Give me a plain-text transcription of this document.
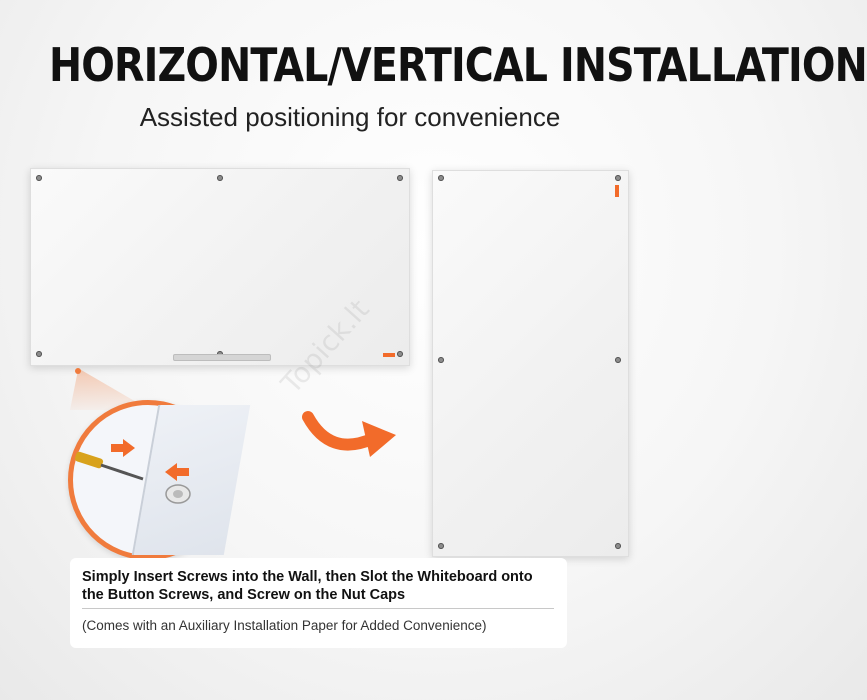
HORIZONTAL/VERTICAL INSTALLATION
Assisted positioning for convenience
Topick.lt
Simply Insert Screws into the Wall, then Slot the Whiteboard onto the Button Screws, and Screw on the Nut Caps
(Comes with an Auxiliary Installation Paper for Added Convenience)
